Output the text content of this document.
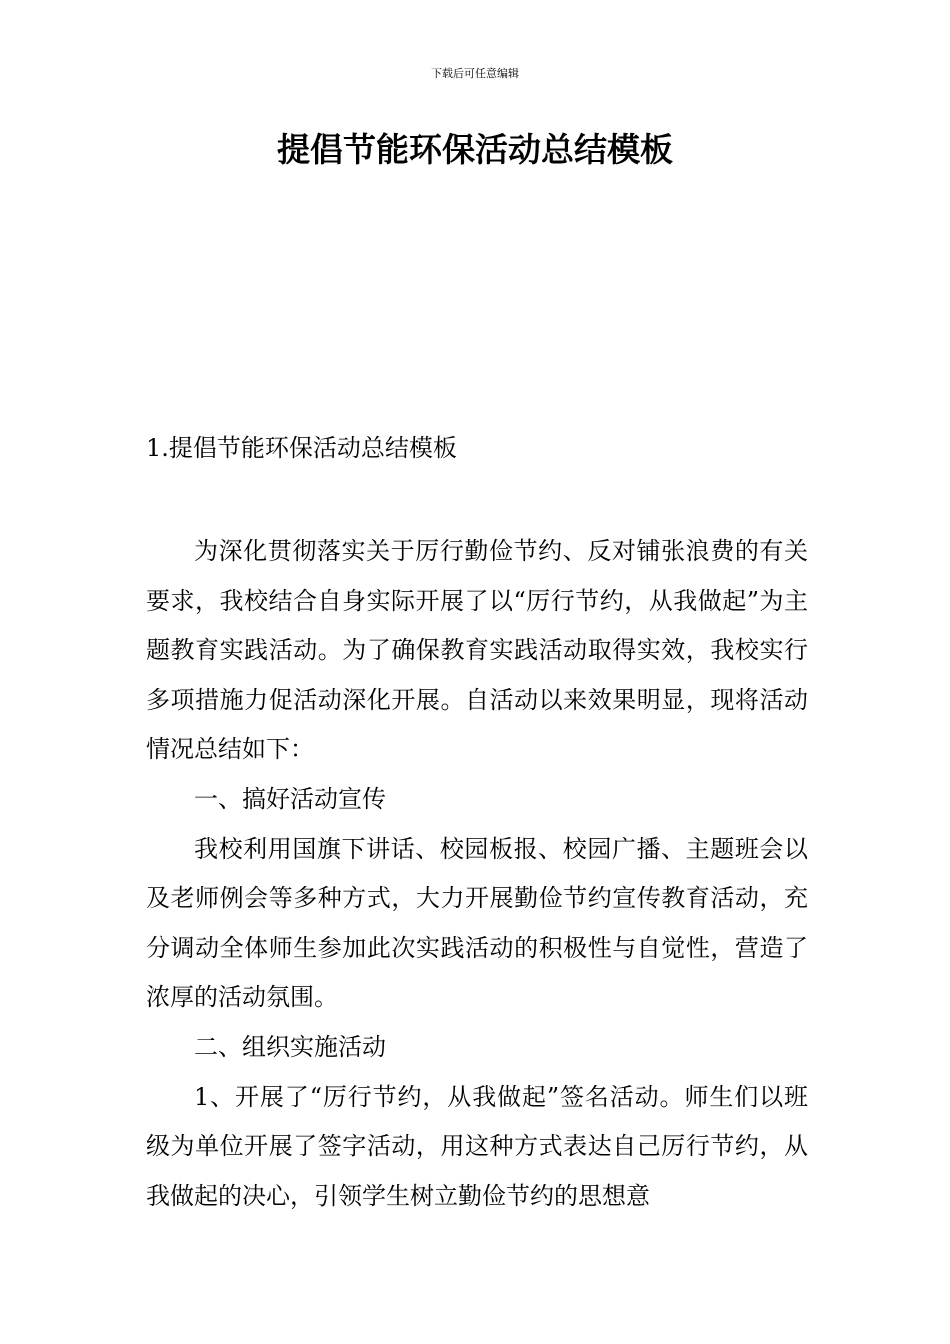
下载后可任意编辑
提倡节能环保活动总结模板
1.提倡节能环保活动总结模板

为深化贯彻落实关于厉行勤俭节约、反对铺张浪费的有关要求，我校结合自身实际开展了以“厉行节约，从我做起”为主题教育实践活动。为了确保教育实践活动取得实效，我校实行多项措施力促活动深化开展。自活动以来效果明显，现将活动情况总结如下：

一、搞好活动宣传

我校利用国旗下讲话、校园板报、校园广播、主题班会以及老师例会等多种方式，大力开展勤俭节约宣传教育活动，充分调动全体师生参加此次实践活动的积极性与自觉性，营造了浓厚的活动氛围。

二、组织实施活动

1、开展了“厉行节约，从我做起”签名活动。师生们以班级为单位开展了签字活动，用这种方式表达自己厉行节约，从我做起的决心，引领学生树立勤俭节约的思想意
